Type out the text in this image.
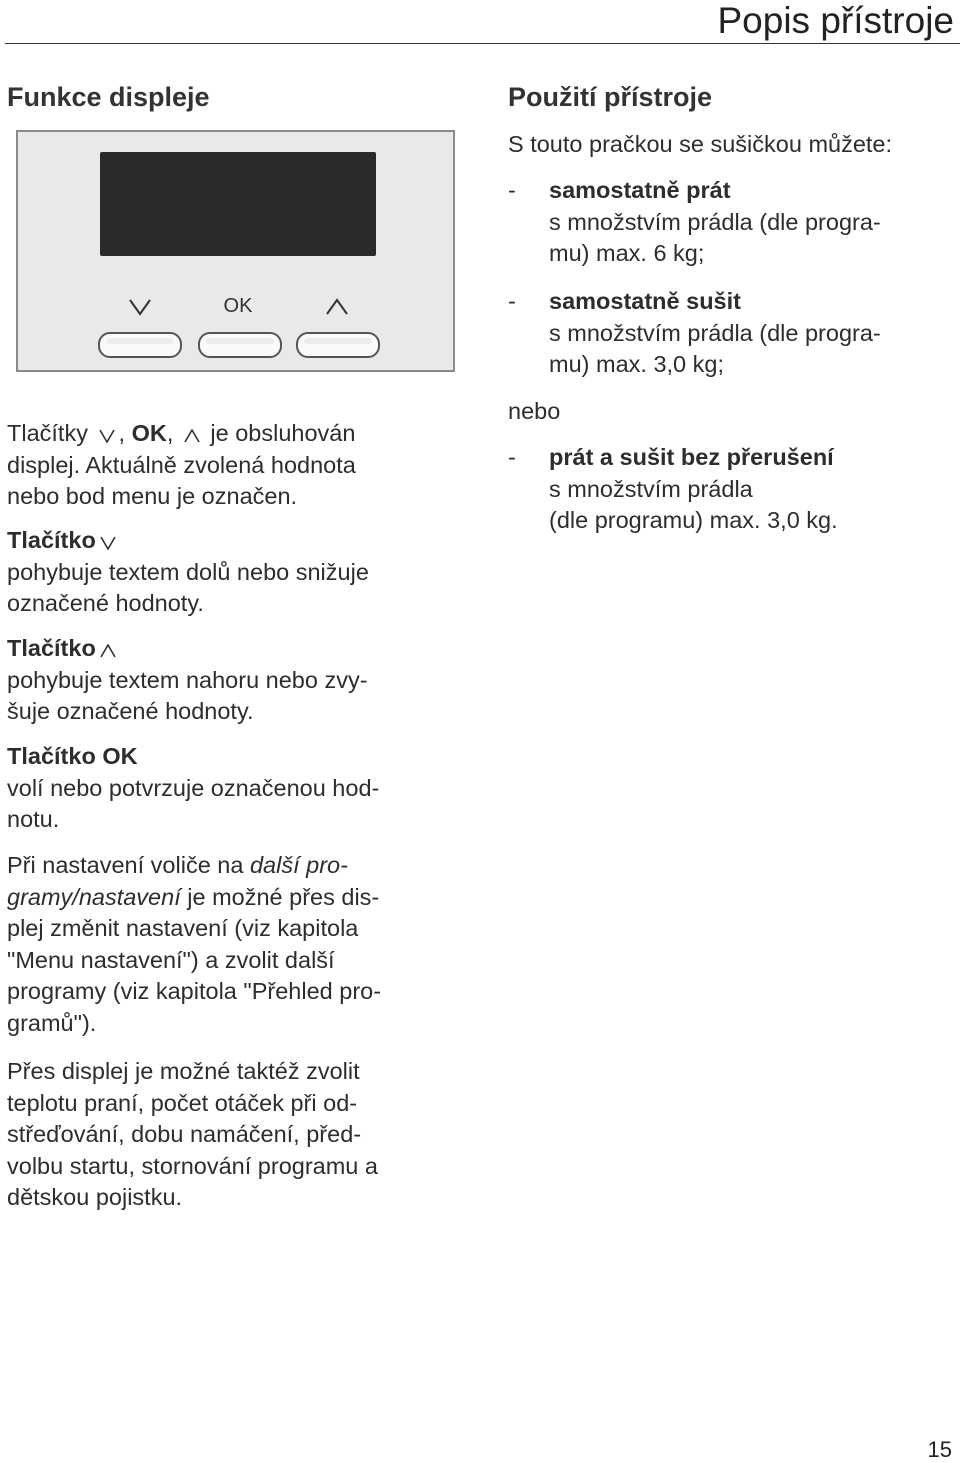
Popis přístroje
Funkce displeje
OK
Tlačítky , OK,
je obsluhován
displej. Aktuálně zvolená hodnota
nebo bod menu je označen.
Tlačítko
pohybuje textem dolů nebo snižuje
označené hodnoty.
Tlačítko
pohybuje textem nahoru nebo zvy-
šuje označené hodnoty.
Tlačítko OK
volí nebo potvrzuje označenou hod-
notu.
Při nastavení voliče na další pro-
gramy/nastavení je možné přes dis-
plej změnit nastavení (viz kapitola
"Menu nastavení") a zvolit další
programy (viz kapitola "Přehled pro-
gramů").
Přes displej je možné taktéž zvolit
teplotu praní, počet otáček při od-
střeďování, dobu namáčení, před-
volbu startu, stornování programu a
dětskou pojistku.
Použití přístroje
S touto pračkou se sušičkou můžete:
- samostatně prát
s množstvím prádla (dle progra-
mu) max. 6 kg;
- samostatně sušit
s množstvím prádla (dle progra-
mu) max. 3,0 kg;
nebo
- prát a sušit bez přerušení
s množstvím prádla
(dle programu) max. 3,0 kg.
15
